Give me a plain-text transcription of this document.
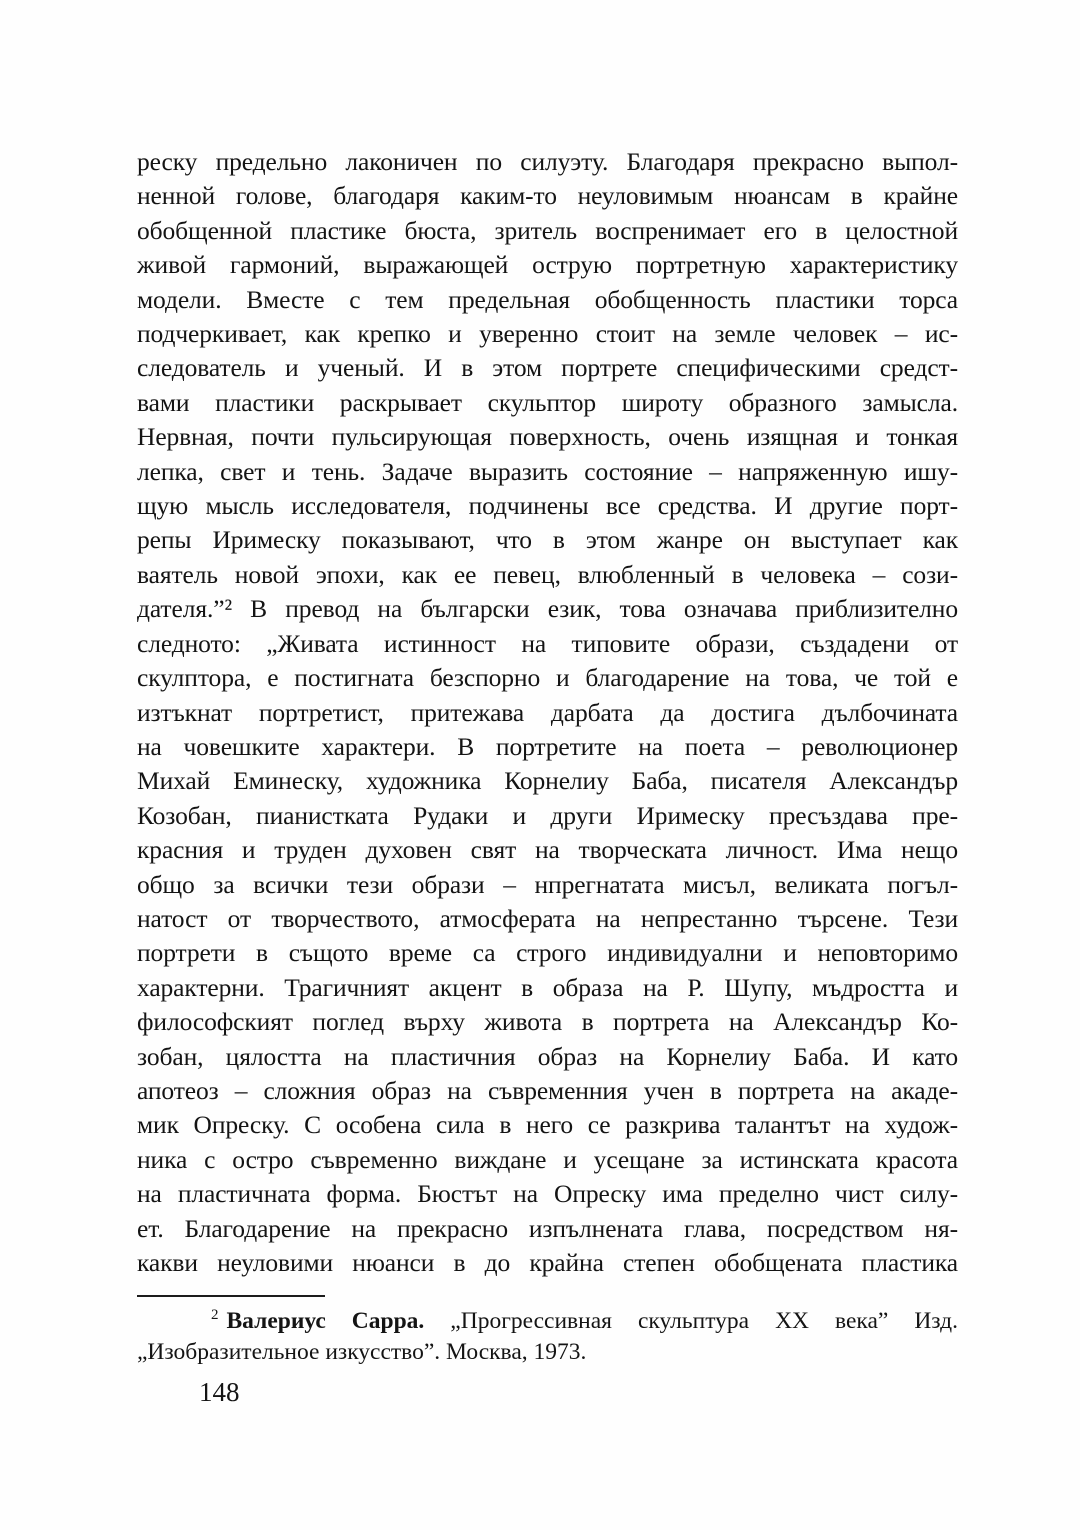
реску предельно лаконичен по силуэту. Благодаря прекрасно выпол-
ненной голове, благодаря каким-то неуловимым нюансам в крайне
обобщенной пластике бюста, зритель воспренимает его в целостной
живой гармоний, выражающей острую портретную характеристику
модели. Вместе с тем предельная обобщенность пластики торса
подчеркивает, как крепко и уверенно стоит на земле человек – ис-
следователь и ученый. И в этом портрете специфическими средст-
вами пластики раскрывает скульптор широту образного замысла.
Нервная, почти пульсирующая поверхность, очень изящная и тонкая
лепка, свет и тень. Задаче выразить состояние – напряженную ишу-
щую мысль исследователя, подчинены все средства. И другие порт-
репы Иримеску показывают, что в этом жанре он выступает как
ваятель новой эпохи, как ее певец, влюбленный в человека – сози-
дателя.”² В превод на български език, това означава приблизително
следното: „Живата истинност на типовите образи, създадени от
скулптора, е постигната безспорно и благодарение на това, че той е
изтъкнат портретист, притежава дарбата да достига дълбочината
на човешките характери. В портретите на поета – революционер
Михай Еминеску, художника Корнелиу Баба, писателя Александър
Козобан, пианистката Рудаки и други Иримеску пресъздава пре-
красния и труден духовен свят на творческата личност. Има нещо
общо за всички тези образи – нпрегнатата мисъл, великата погъл-
натост от творчеството, атмосферата на непрестанно търсене. Тези
портрети в същото време са строго индивидуални и неповторимо
характерни. Трагичният акцент в образа на Р. Шупу, мъдростта и
философският поглед върху живота в портрета на Александър Ко-
зобан, цялостта на пластичния образ на Корнелиу Баба. И като
апотеоз – сложния образ на съвременния учен в портрета на акаде-
мик Опреску. С особена сила в него се разкрива талантът на худож-
ника с остро съвременно виждане и усещане за истинската красота
на пластичната форма. Бюстът на Опреску има пределно чист силу-
ет. Благодарение на прекрасно изпълнената глава, посредством ня-
какви неуловими нюанси в до крайна степен обобщената пластика
$^2$ Валериус Сарра. „Прогрессивная скульптура ХХ века” Изд.
„Изобразительное изкусство”. Москва, 1973.
148
